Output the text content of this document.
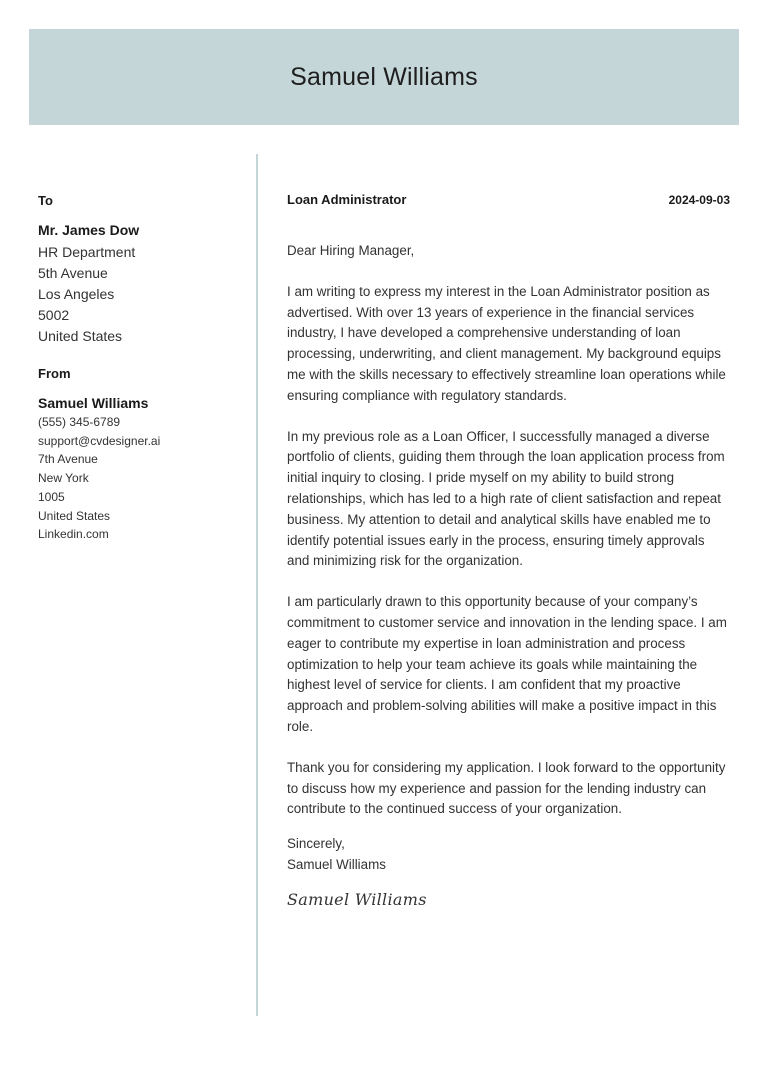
Samuel Williams
To
Mr. James Dow
HR Department
5th Avenue
Los Angeles
5002
United States
From
Samuel Williams
(555) 345-6789
support@cvdesigner.ai
7th Avenue
New York
1005
United States
Linkedin.com
Loan Administrator	2024-09-03
Dear Hiring Manager,
I am writing to express my interest in the Loan Administrator position as advertised. With over 13 years of experience in the financial services industry, I have developed a comprehensive understanding of loan processing, underwriting, and client management. My background equips me with the skills necessary to effectively streamline loan operations while ensuring compliance with regulatory standards.
In my previous role as a Loan Officer, I successfully managed a diverse portfolio of clients, guiding them through the loan application process from initial inquiry to closing. I pride myself on my ability to build strong relationships, which has led to a high rate of client satisfaction and repeat business. My attention to detail and analytical skills have enabled me to identify potential issues early in the process, ensuring timely approvals and minimizing risk for the organization.
I am particularly drawn to this opportunity because of your company’s commitment to customer service and innovation in the lending space. I am eager to contribute my expertise in loan administration and process optimization to help your team achieve its goals while maintaining the highest level of service for clients. I am confident that my proactive approach and problem-solving abilities will make a positive impact in this role.
Thank you for considering my application. I look forward to the opportunity to discuss how my experience and passion for the lending industry can contribute to the continued success of your organization.
Sincerely,
Samuel Williams
Samuel Williams
